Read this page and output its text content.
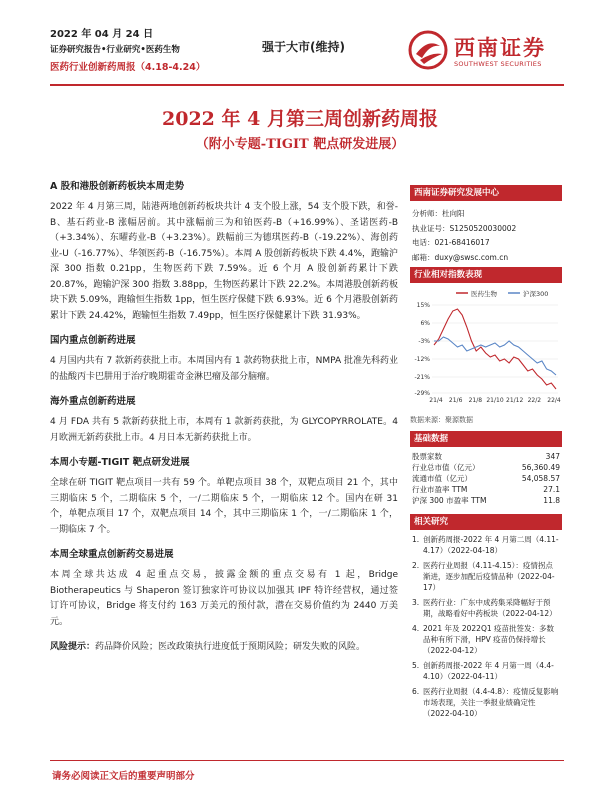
2022 年 04 月 24 日
证券研究报告•行业研究•医药生物
医药行业创新药周报（4.18-4.24）
强于大市(维持)	西南证券
SOUTHWEST SECURITIES
2022 年 4 月第三周创新药周报
（附小专题-TIGIT 靶点研发进展）
A 股和港股创新药板块本周走势
2022 年 4 月第三周，陆港两地创新药板块共计 4 支个股上涨，54 支个股下跌，和誉-B、基石药业-B 涨幅居前。其中涨幅前三为和铂医药-B（+16.99%）、圣诺医药-B（+3.34%）、东曜药业-B（+3.23%）。跌幅前三为德琪医药-B（-19.22%）、海创药业-U（-16.77%）、华领医药-B（-16.75%）。本周 A 股创新药板块下跌 4.4%，跑输沪深 300 指数 0.21pp，生物医药下跌 7.59%。近 6 个月 A 股创新药累计下跌 20.87%，跑输沪深 300 指数 3.88pp，生物医药累计下跌 22.2%。本周港股创新药板块下跌 5.09%，跑输恒生指数 1pp，恒生医疗保健下跌 6.93%。近 6 个月港股创新药累计下跌 24.42%，跑输恒生指数 7.49pp，恒生医疗保健累计下跌 31.93%。
国内重点创新药进展
4 月国内共有 7 款新药获批上市。本周国内有 1 款药物获批上市，NMPA 批准先科药业的盐酸丙卡巴肼用于治疗晚期霍奇金淋巴瘤及部分脑瘤。
海外重点创新药进展
4 月 FDA 共有 5 款新药获批上市，本周有 1 款新药获批，为 GLYCOPYRROLATE。4 月欧洲无新药获批上市。4 月日本无新药获批上市。
本周小专题-TIGIT 靶点研发进展
全球在研 TIGIT 靶点项目一共有 59 个。单靶点项目 38 个，双靶点项目 21 个，其中三期临床 5 个，二期临床 5 个，一/二期临床 5 个，一期临床 12 个。国内在研 31 个，单靶点项目 17 个，双靶点项目 14 个，其中三期临床 1 个，一/二期临床 1 个，一期临床 7 个。
本周全球重点创新药交易进展
本周全球共达成 4 起重点交易，披露金额的重点交易有 1 起，Bridge Biotherapeutics 与 Shaperon 签订独家许可协议以加强其 IPF 特许经营权，通过签订许可协议，Bridge 将支付约 163 万美元的预付款，潜在交易价值约为 2440 万美元。
风险提示：药品降价风险；医改政策执行进度低于预期风险；研发失败的风险。
西南证券研究发展中心
分析师：杜向阳
执业证号：S1250520030002
电话：021-68416017
邮箱：duxy@swsc.com.cn
行业相对指数表现
医药生物	沪深300
15%
6%
-3%
-12%
-21%
-29%
21/4 21/6 21/8 21/10 21/12 22/2 22/4
数据来源：聚源数据
基础数据
股票家数	347
行业总市值（亿元）	56,360.49
流通市值（亿元）	54,058.57
行业市盈率 TTM	27.1
沪深 300 市盈率 TTM	11.8
相关研究
1. 创新药周报-2022 年 4 月第二周（4.11-4.17）（2022-04-18）
2. 医药行业周报（4.11-4.15）：疫情拐点渐进，逐步加配后疫情品种（2022-04-17）
3. 医药行业：广东中成药集采降幅好于预期，战略看好中药板块（2022-04-12）
4. 2021 年及 2022Q1 疫苗批签发：多数品种有所下滑，HPV 疫苗仍保持增长（2022-04-12）
5. 创新药周报-2022 年 4 月第一周（4.4-4.10）（2022-04-11）
6. 医药行业周报（4.4-4.8）：疫情反复影响市场表现，关注一季报业绩确定性（2022-04-10）
请务必阅读正文后的重要声明部分
